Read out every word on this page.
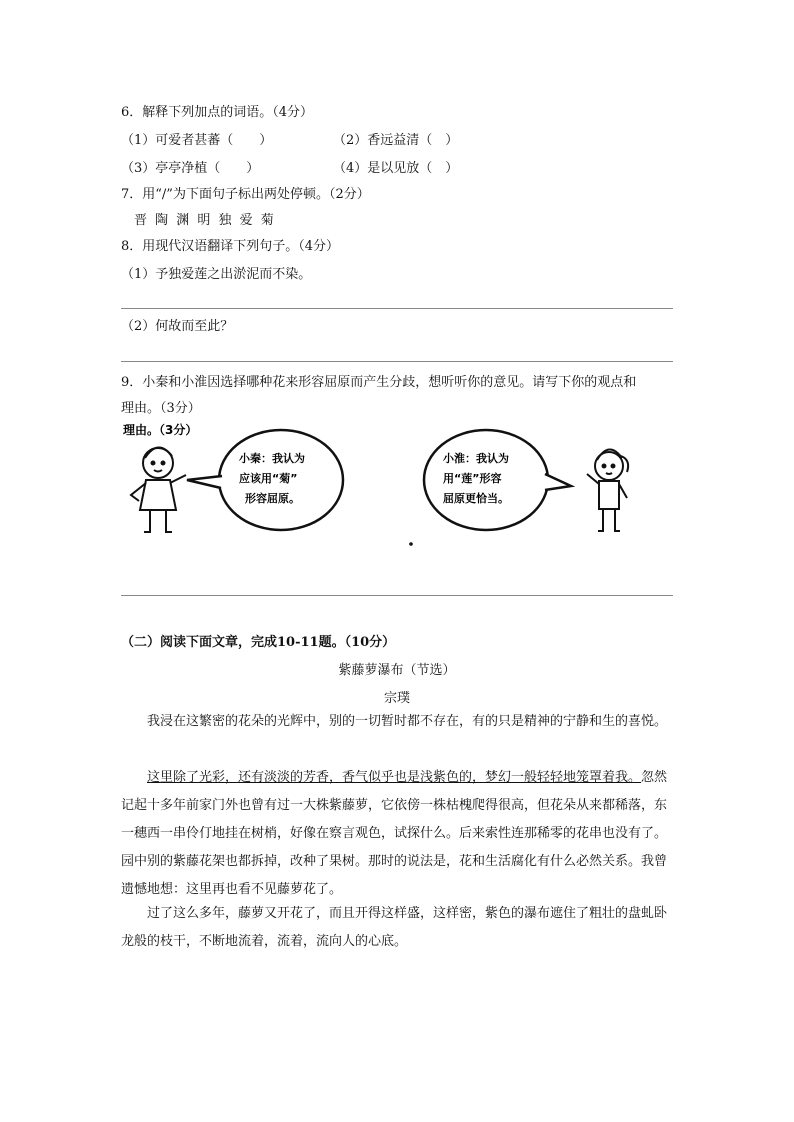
6．解释下列加点的词语。（4分）
（1）可爱者甚蕃（　　）	（2）香远益清（　）
（3）亭亭净植（　　）	（4）是以见放（　）
7．用“/”为下面句子标出两处停顿。（2分）
晋 陶 渊 明 独 爱 菊
8．用现代汉语翻译下列句子。（4分）
（1）予独爱莲之出淤泥而不染。
（2）何故而至此？
9．小秦和小淮因选择哪种花来形容屈原而产生分歧，想听听你的意见。请写下你的观点和
理由。（3分）
理由。（3分）
小秦：我认为
应该用“菊”
形容屈原。
小淮：我认为
用“莲”形容
屈原更恰当。
（二）阅读下面文章，完成10-11题。（10分）
紫藤萝瀑布（节选）
宗璞

我浸在这繁密的花朵的光辉中，别的一切暂时都不存在，有的只是精神的宁静和生的喜悦。

这里除了光彩，还有淡淡的芳香，香气似乎也是浅紫色的，梦幻一般轻轻地笼罩着我。忽然记起十多年前家门外也曾有过一大株紫藤萝，它依傍一株枯槐爬得很高，但花朵从来都稀落，东一穗西一串伶仃地挂在树梢，好像在察言观色，试探什么。后来索性连那稀零的花串也没有了。园中别的紫藤花架也都拆掉，改种了果树。那时的说法是，花和生活腐化有什么必然关系。我曾遗憾地想：这里再也看不见藤萝花了。

过了这么多年，藤萝又开花了，而且开得这样盛，这样密，紫色的瀑布遮住了粗壮的盘虬卧龙般的枝干，不断地流着，流着，流向人的心底。
